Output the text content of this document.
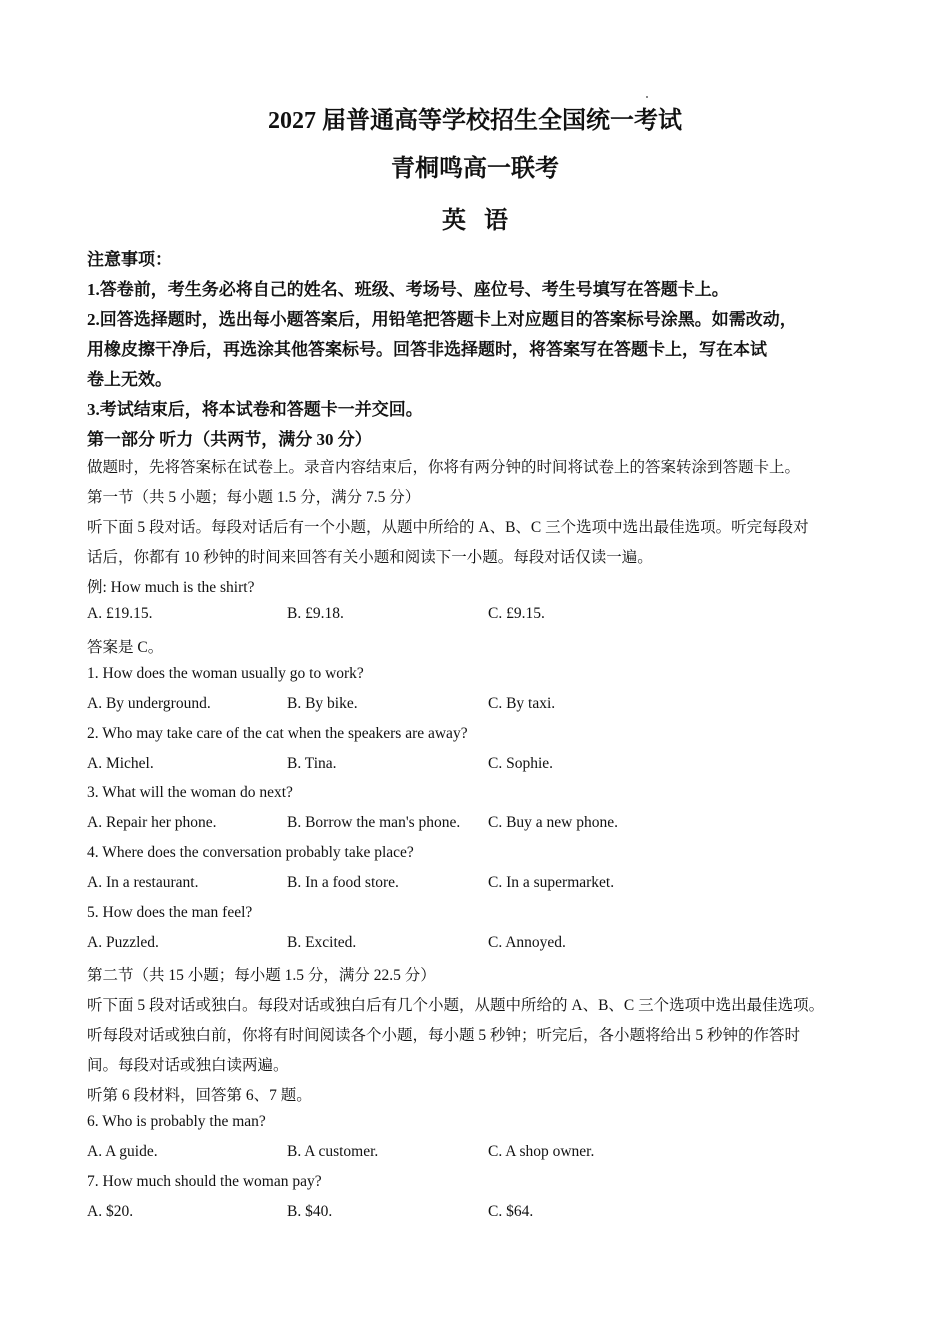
2027 届普通高等学校招生全国统一考试
青桐鸣高一联考
英语
注意事项：
1.答卷前，考生务必将自己的姓名、班级、考场号、座位号、考生号填写在答题卡上。
2.回答选择题时，选出每小题答案后，用铅笔把答题卡上对应题目的答案标号涂黑。如需改动，
用橡皮擦干净后，再选涂其他答案标号。回答非选择题时，将答案写在答题卡上，写在本试
卷上无效。
3.考试结束后，将本试卷和答题卡一并交回。
第一部分 听力（共两节，满分 30 分）
做题时，先将答案标在试卷上。录音内容结束后，你将有两分钟的时间将试卷上的答案转涂到答题卡上。
第一节（共 5 小题；每小题 1.5 分，满分 7.5 分）
听下面 5 段对话。每段对话后有一个小题，从题中所给的 A、B、C 三个选项中选出最佳选项。听完每段对
话后，你都有 10 秒钟的时间来回答有关小题和阅读下一小题。每段对话仅读一遍。
例: How much is the shirt?
A. £19.15.	B. £9.18.	C. £9.15.
答案是 C。
1. How does the woman usually go to work?
A. By underground.	B. By bike.	C. By taxi.
2. Who may take care of the cat when the speakers are away?
A. Michel.	B. Tina.	C. Sophie.
3. What will the woman do next?
A. Repair her phone.	B. Borrow the man's phone. C. Buy a new phone.
4. Where does the conversation probably take place?
A. In a restaurant.	B. In a food store.	C. In a supermarket.
5. How does the man feel?
A. Puzzled.	B. Excited.	C. Annoyed.
第二节（共 15 小题；每小题 1.5 分，满分 22.5 分）
听下面 5 段对话或独白。每段对话或独白后有几个小题，从题中所给的 A、B、C 三个选项中选出最佳选项。
听每段对话或独白前，你将有时间阅读各个小题，每小题 5 秒钟；听完后，各小题将给出 5 秒钟的作答时
间。每段对话或独白读两遍。
听第 6 段材料，回答第 6、7 题。
6. Who is probably the man?
A. A guide.	B. A customer.	C. A shop owner.
7. How much should the woman pay?
A. $20.	B. $40.	C. $64.
